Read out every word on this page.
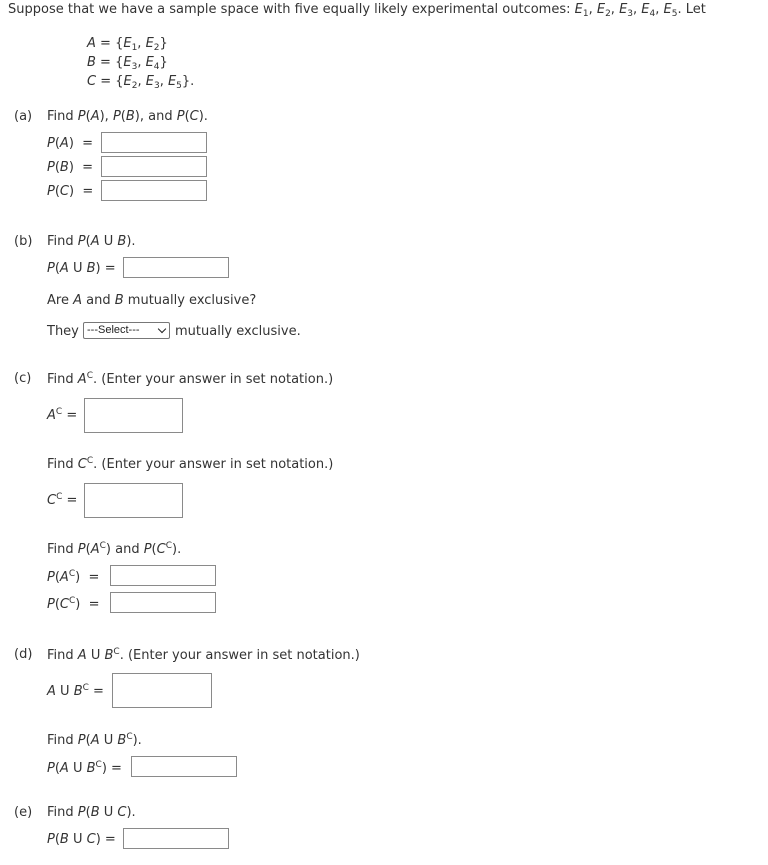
Suppose that we have a sample space with five equally likely experimental outcomes: $E_1$, $E_2$, $E_3$, $E_4$, $E_5$. Let
$A = \{E_1$, $E_2$}
$B = \{E_3$, $E_4$}
$C = \{E_2$, $E_3$, $E_5$}.
(a) Find P(A), P(B), and P(C).
P(A)  =
P(B)  =
P(C)  =
(b) Find P(A U B).
P(A U B) =
Are A and B mutually exclusive?
They ---Select---	mutually exclusive.
(c) Find $A^C$. (Enter your answer in set notation.)
$A^C$ =
Find $C^C$. (Enter your answer in set notation.)
$C^C$ =
Find $P(A^C)$ and $P(C^C)$.
$P(A^C)$  =
$P(C^C)$  =
(d) Find A U $B^C$. (Enter your answer in set notation.)
A U $B^C$ =
Find P(A U $B^C$).
P(A U $B^C$) =
(e) Find P(B U C).
P(B U C) =
